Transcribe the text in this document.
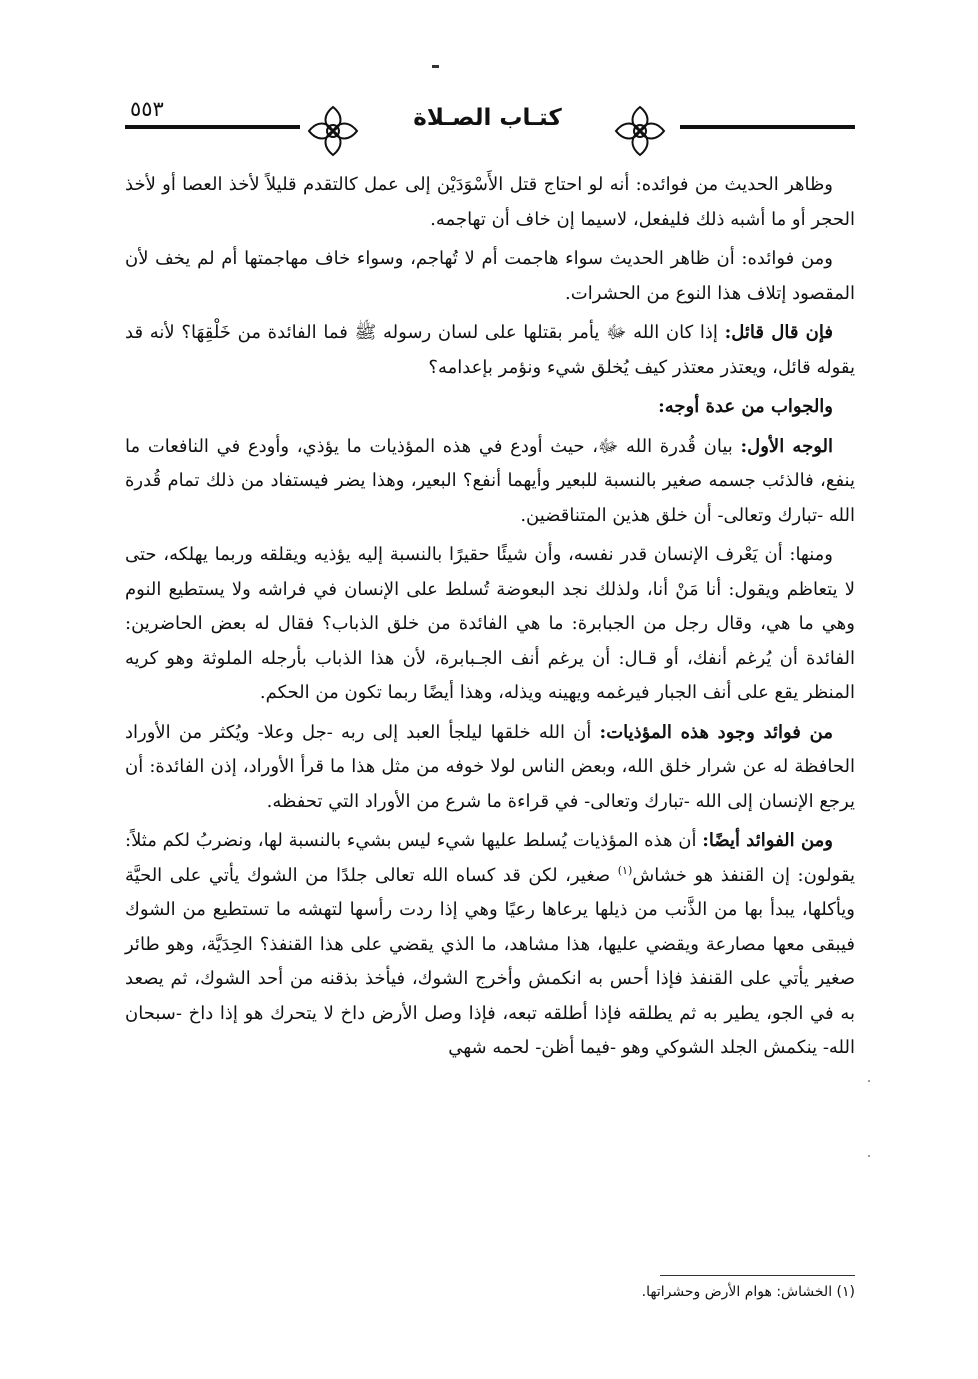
٥٥٣	كتـاب الصـلاة

وظاهر الحديث من فوائده: أنه لو احتاج قتل الأَسْوَدَيْن إلى عمل كالتقدم قليلاً لأخذ العصا أو لأخذ الحجر أو ما أشبه ذلك فليفعل، لاسيما إن خاف أن تهاجمه.

ومن فوائده: أن ظاهر الحديث سواء هاجمت أم لا تُهاجم، وسواء خاف مهاجمتها أم لم يخف لأن المقصود إتلاف هذا النوع من الحشرات.

فإن قال قائل: إذا كان الله ﷻ يأمر بقتلها على لسان رسوله ﷺ فما الفائدة من خَلْقِهَا؟ لأنه قد يقوله قائل، ويعتذر معتذر كيف يُخلق شيء ونؤمر بإعدامه؟

والجواب من عدة أوجه:

الوجه الأول: بيان قُدرة الله ﷻ، حيث أودع في هذه المؤذيات ما يؤذي، وأودع في النافعات ما ينفع، فالذئب جسمه صغير بالنسبة للبعير وأيهما أنفع؟ البعير، وهذا يضر فيستفاد من ذلك تمام قُدرة الله -تبارك وتعالى- أن خلق هذين المتناقضين.

ومنها: أن يَعْرف الإنسان قدر نفسه، وأن شيئًا حقيرًا بالنسبة إليه يؤذيه ويقلقه وربما يهلكه، حتى لا يتعاظم ويقول: أنا مَنْ أنا، ولذلك نجد البعوضة تُسلط على الإنسان في فراشه ولا يستطيع النوم وهي ما هي، وقال رجل من الجبابرة: ما هي الفائدة من خلق الذباب؟ فقال له بعض الحاضرين: الفائدة أن يُرغم أنفك، أو قـال: أن يرغم أنف الجـبابرة، لأن هذا الذباب بأرجله الملوثة وهو كريه المنظر يقع على أنف الجبار فيرغمه ويهينه ويذله، وهذا أيضًا ربما تكون من الحكم.

من فوائد وجود هذه المؤذيات: أن الله خلقها ليلجأ العبد إلى ربه -جل وعلا- ويُكثر من الأوراد الحافظة له عن شرار خلق الله، وبعض الناس لولا خوفه من مثل هذا ما قرأ الأوراد، إذن الفائدة: أن يرجع الإنسان إلى الله -تبارك وتعالى- في قراءة ما شرع من الأوراد التي تحفظه.

ومن الفوائد أيضًا: أن هذه المؤذيات يُسلط عليها شيء ليس بشيء بالنسبة لها، ونضربُ لكم مثلاً: يقولون: إن القنفذ هو خشاش$^{(١)}$ صغير، لكن قد كساه الله تعالى جلدًا من الشوك يأتي على الحيَّة ويأكلها، يبدأ بها من الذَّنب من ذيلها يرعاها رعيًا وهي إذا ردت رأسها لتهشه ما تستطيع من الشوك فيبقى معها مصارعة ويقضي عليها، هذا مشاهد، ما الذي يقضي على هذا القنفذ؟ الحِدَيَّة، وهو طائر صغير يأتي على القنفذ فإذا أحس به انكمش وأخرج الشوك، فيأخذ بذقنه من أحد الشوك، ثم يصعد به في الجو، يطير به ثم يطلقه فإذا أطلقه تبعه، فإذا وصل الأرض داخ لا يتحرك هو إذا داخ -سبحان الله- ينكمش الجلد الشوكي وهو -فيما أظن- لحمه شهي

(١) الخشاش: هوام الأرض وحشراتها.
